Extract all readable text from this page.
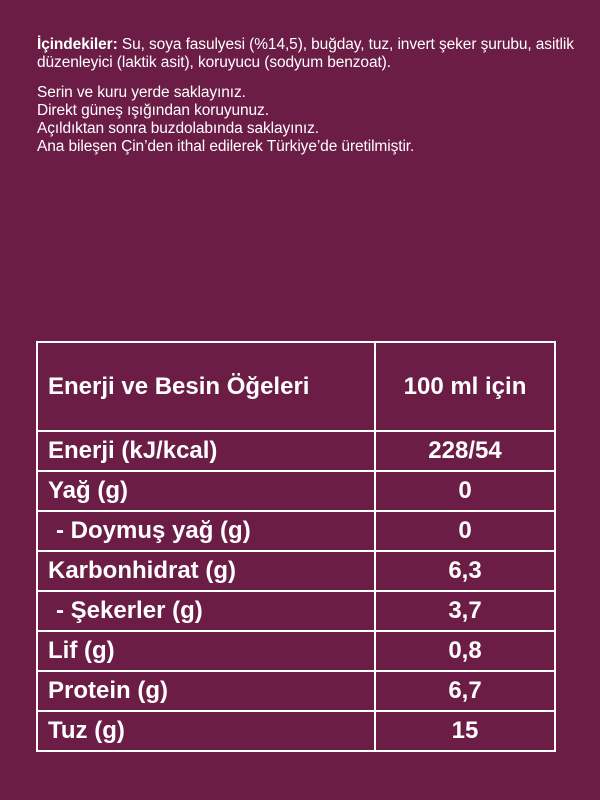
İçindekiler: Su, soya fasulyesi (%14,5), buğday, tuz, invert şeker şurubu, asitlik düzenleyici (laktik asit), koruyucu (sodyum benzoat).

Serin ve kuru yerde saklayınız.

Direkt güneş ışığından koruyunuz.

Açıldıktan sonra buzdolabında saklayınız.

Ana bileşen Çin’den ithal edilerek Türkiye’de üretilmiştir.

Enerji ve Besin Öğeleri	100 ml için
Enerji (kJ/kcal)	228/54
Yağ (g)	0
- Doymuş yağ (g)	0
Karbonhidrat (g)	6,3
- Şekerler (g)	3,7
Lif (g)	0,8
Protein (g)	6,7
Tuz (g)	15
